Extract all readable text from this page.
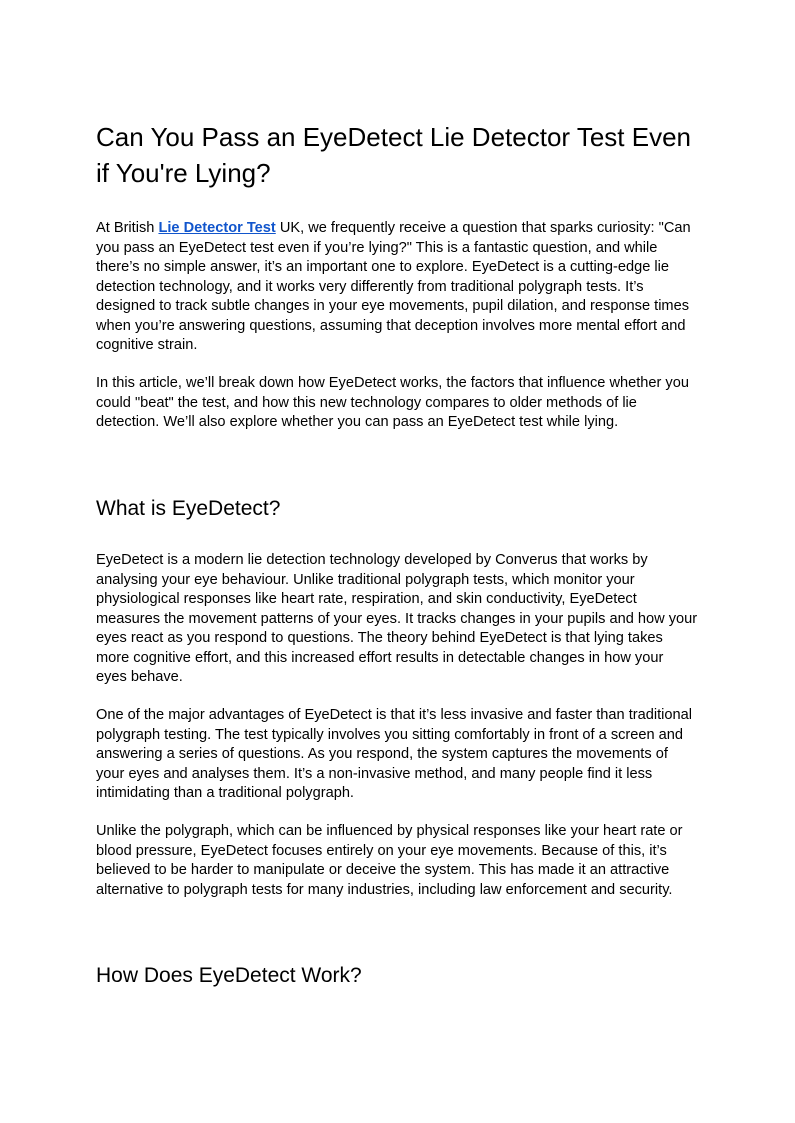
Can You Pass an EyeDetect Lie Detector Test Even if You're Lying?

At British Lie Detector Test UK, we frequently receive a question that sparks curiosity: "Can you pass an EyeDetect test even if you’re lying?" This is a fantastic question, and while there’s no simple answer, it’s an important one to explore. EyeDetect is a cutting-edge lie detection technology, and it works very differently from traditional polygraph tests. It’s designed to track subtle changes in your eye movements, pupil dilation, and response times when you’re answering questions, assuming that deception involves more mental effort and cognitive strain.

In this article, we’ll break down how EyeDetect works, the factors that influence whether you could "beat" the test, and how this new technology compares to older methods of lie detection. We’ll also explore whether you can pass an EyeDetect test while lying.

What is EyeDetect?

EyeDetect is a modern lie detection technology developed by Converus that works by analysing your eye behaviour. Unlike traditional polygraph tests, which monitor your physiological responses like heart rate, respiration, and skin conductivity, EyeDetect measures the movement patterns of your eyes. It tracks changes in your pupils and how your eyes react as you respond to questions. The theory behind EyeDetect is that lying takes more cognitive effort, and this increased effort results in detectable changes in how your eyes behave.

One of the major advantages of EyeDetect is that it’s less invasive and faster than traditional polygraph testing. The test typically involves you sitting comfortably in front of a screen and answering a series of questions. As you respond, the system captures the movements of your eyes and analyses them. It’s a non-invasive method, and many people find it less intimidating than a traditional polygraph.

Unlike the polygraph, which can be influenced by physical responses like your heart rate or blood pressure, EyeDetect focuses entirely on your eye movements. Because of this, it’s believed to be harder to manipulate or deceive the system. This has made it an attractive alternative to polygraph tests for many industries, including law enforcement and security.

How Does EyeDetect Work?
